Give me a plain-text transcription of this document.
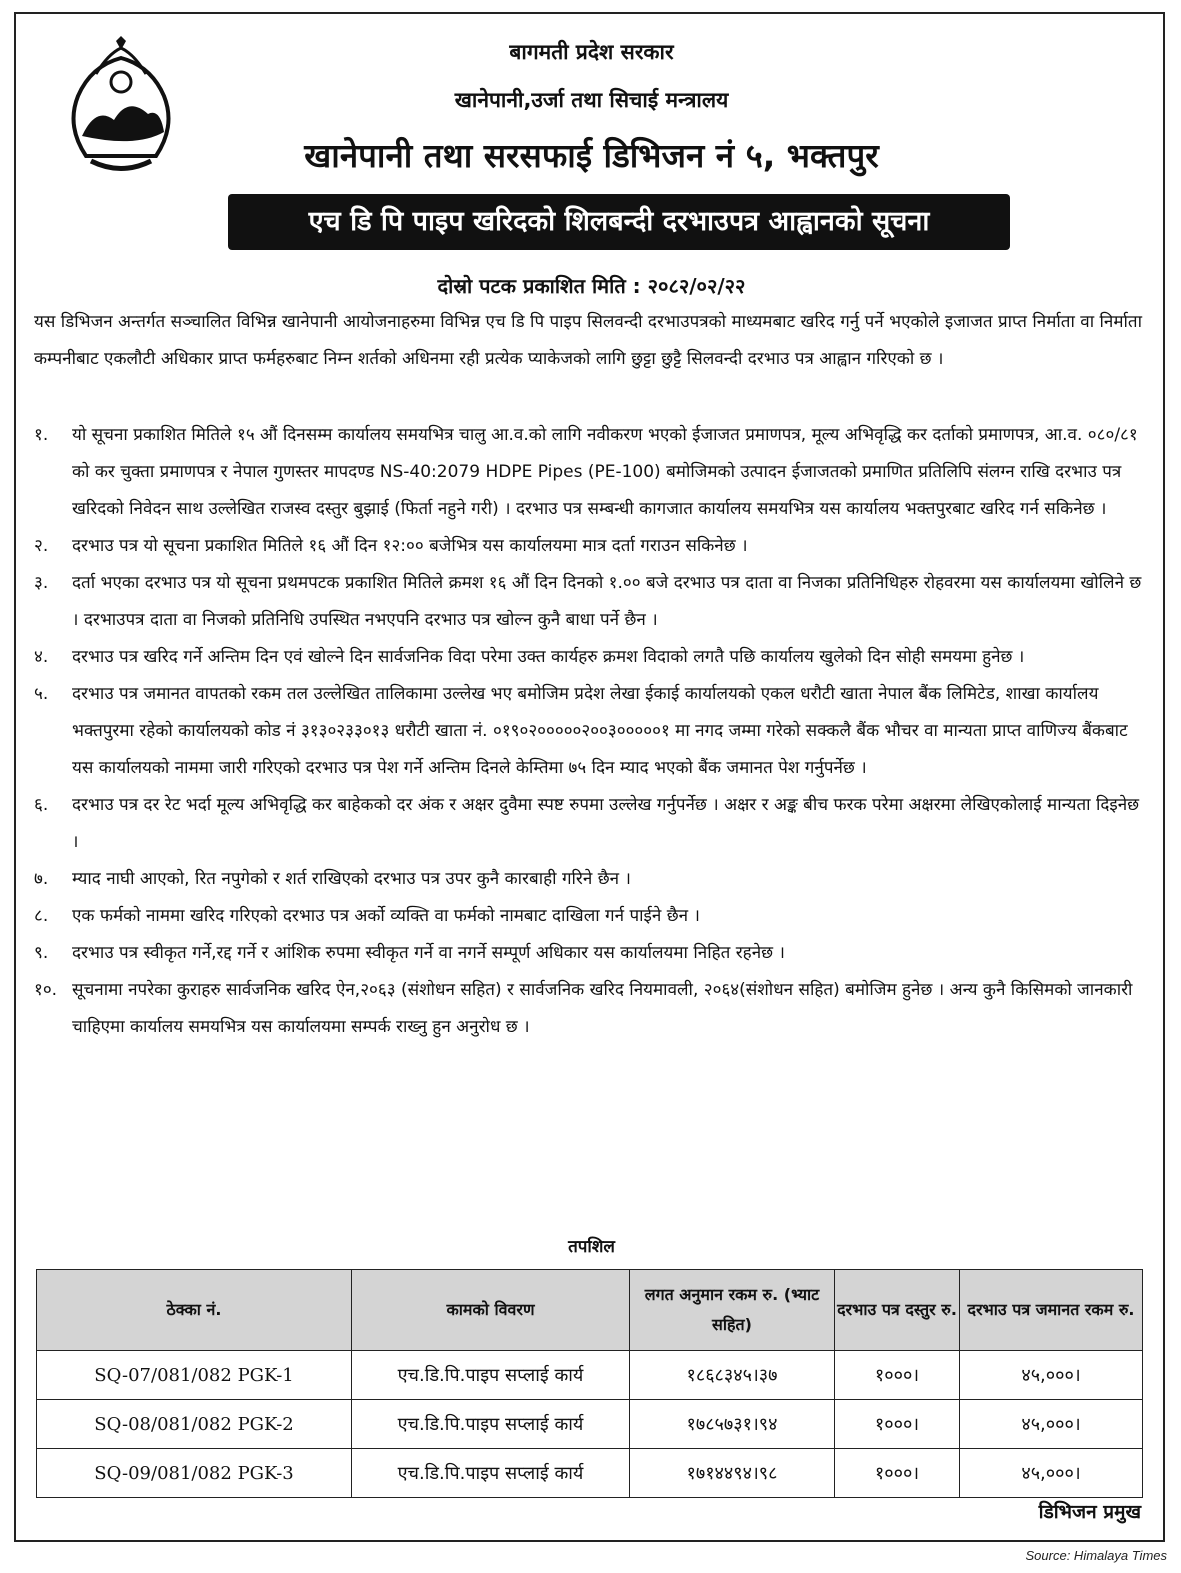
बागमती प्रदेश सरकार
खानेपानी,उर्जा तथा सिचाई मन्त्रालय
खानेपानी तथा सरसफाई डिभिजन नं ५, भक्तपुर
एच डि पि पाइप खरिदको शिलबन्दी दरभाउपत्र आह्वानको सूचना
दोस्रो पटक प्रकाशित मिति : २०८२/०२/२२
यस डिभिजन अन्तर्गत सञ्चालित विभिन्न खानेपानी आयोजनाहरुमा विभिन्न एच डि पि पाइप सिलवन्दी दरभाउपत्रको माध्यमबाट खरिद गर्नु पर्ने भएकोले इजाजत प्राप्त निर्माता वा निर्माता कम्पनीबाट एकलौटी अधिकार प्राप्त फर्महरुबाट निम्न शर्तको अधिनमा रही प्रत्येक प्याकेजको लागि छुट्टा छुट्टै सिलवन्दी दरभाउ पत्र आह्वान गरिएको छ ।
१. यो सूचना प्रकाशित मितिले १५ औं दिनसम्म कार्यालय समयभित्र चालु आ.व.को लागि नवीकरण भएको ईजाजत प्रमाणपत्र, मूल्य अभिवृद्धि कर दर्ताको प्रमाणपत्र, आ.व. ०८०/८१ को कर चुक्ता प्रमाणपत्र र नेपाल गुणस्तर मापदण्ड NS-40:2079 HDPE Pipes (PE-100) बमोजिमको उत्पादन ईजाजतको प्रमाणित प्रतिलिपि संलग्न राखि दरभाउ पत्र खरिदको निवेदन साथ उल्लेखित राजस्व दस्तुर बुझाई (फिर्ता नहुने गरी) । दरभाउ पत्र सम्बन्धी कागजात कार्यालय समयभित्र यस कार्यालय भक्तपुरबाट खरिद गर्न सकिनेछ ।
२. दरभाउ पत्र यो सूचना प्रकाशित मितिले १६ औं दिन १२:०० बजेभित्र यस कार्यालयमा मात्र दर्ता गराउन सकिनेछ ।
३. दर्ता भएका दरभाउ पत्र यो सूचना प्रथमपटक प्रकाशित मितिले क्रमश १६ औं दिन दिनको १.०० बजे दरभाउ पत्र दाता वा निजका प्रतिनिधिहरु रोहवरमा यस कार्यालयमा खोलिने छ । दरभाउपत्र दाता वा निजको प्रतिनिधि उपस्थित नभएपनि दरभाउ पत्र खोल्न कुनै बाधा पर्ने छैन ।
४. दरभाउ पत्र खरिद गर्ने अन्तिम दिन एवं खोल्ने दिन सार्वजनिक विदा परेमा उक्त कार्यहरु क्रमश विदाको लगतै पछि कार्यालय खुलेको दिन सोही समयमा हुनेछ ।
५. दरभाउ पत्र जमानत वापतको रकम तल उल्लेखित तालिकामा उल्लेख भए बमोजिम प्रदेश लेखा ईकाई कार्यालयको एकल धरौटी खाता नेपाल बैंक लिमिटेड, शाखा कार्यालय भक्तपुरमा रहेको कार्यालयको कोड नं ३१३०२३३०१३ धरौटी खाता नं. ०१९०२०००००२००३०००००१ मा नगद जम्मा गरेको सक्कलै बैंक भौचर वा मान्यता प्राप्त वाणिज्य बैंकबाट यस कार्यालयको नाममा जारी गरिएको दरभाउ पत्र पेश गर्ने अन्तिम दिनले केम्तिमा ७५ दिन म्याद भएको बैंक जमानत पेश गर्नुपर्नेछ ।
६. दरभाउ पत्र दर रेट भर्दा मूल्य अभिवृद्धि कर बाहेकको दर अंक र अक्षर दुवैमा स्पष्ट रुपमा उल्लेख गर्नुपर्नेछ । अक्षर र अङ्क बीच फरक परेमा अक्षरमा लेखिएकोलाई मान्यता दिइनेछ ।
७. म्याद नाघी आएको, रित नपुगेको र शर्त राखिएको दरभाउ पत्र उपर कुनै कारबाही गरिने छैन ।
८. एक फर्मको नाममा खरिद गरिएको दरभाउ पत्र अर्को व्यक्ति वा फर्मको नामबाट दाखिला गर्न पाईने छैन ।
९. दरभाउ पत्र स्वीकृत गर्ने,रद्द गर्ने र आंशिक रुपमा स्वीकृत गर्ने वा नगर्ने सम्पूर्ण अधिकार यस कार्यालयमा निहित रहनेछ ।
१०. सूचनामा नपरेका कुराहरु सार्वजनिक खरिद ऐन,२०६३ (संशोधन सहित) र सार्वजनिक खरिद नियमावली, २०६४(संशोधन सहित) बमोजिम हुनेछ । अन्य कुनै किसिमको जानकारी चाहिएमा कार्यालय समयभित्र यस कार्यालयमा सम्पर्क राख्नु हुन अनुरोध छ ।
तपशिल
ठेक्का नं.	कामको विवरण	लगत अनुमान रकम रु. (भ्याट सहित)	दरभाउ पत्र दस्तुर रु.	दरभाउ पत्र जमानत रकम रु.
SQ-07/081/082 PGK-1	एच.डि.पि.पाइप सप्लाई कार्य	१८६८३४५।३७	१०००।	४५,०००।
SQ-08/081/082 PGK-2	एच.डि.पि.पाइप सप्लाई कार्य	१७८५७३१।९४	१०००।	४५,०००।
SQ-09/081/082 PGK-3	एच.डि.पि.पाइप सप्लाई कार्य	१७१४४९४।९८	१०००।	४५,०००।
डिभिजन प्रमुख
Source: Himalaya Times
